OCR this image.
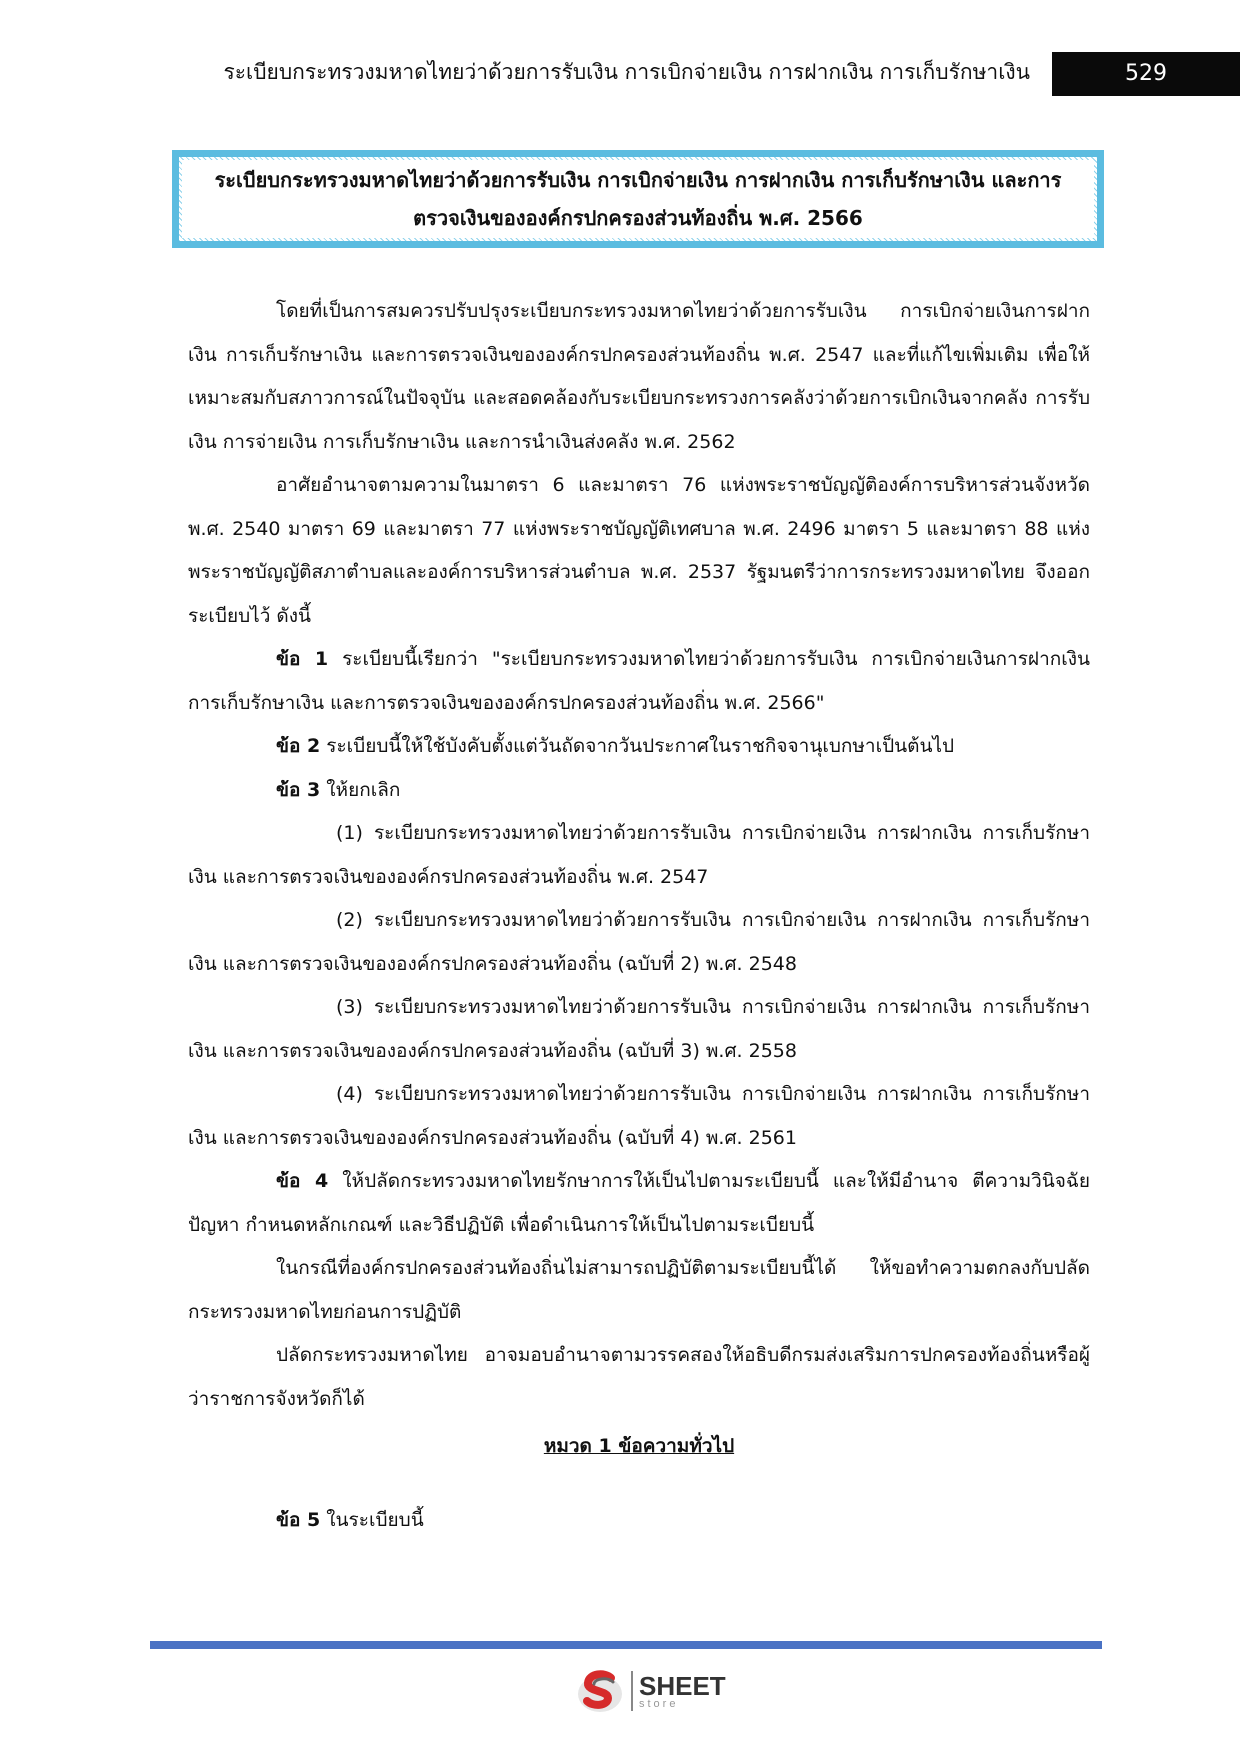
ระเบียบกระทรวงมหาดไทยว่าด้วยการรับเงิน การเบิกจ่ายเงิน การฝากเงิน การเก็บรักษาเงิน	529
ระเบียบกระทรวงมหาดไทยว่าด้วยการรับเงิน การเบิกจ่ายเงิน การฝากเงิน การเก็บรักษาเงิน และการ
ตรวจเงินขององค์กรปกครองส่วนท้องถิ่น พ.ศ. 2566

โดยที่เป็นการสมควรปรับปรุงระเบียบกระทรวงมหาดไทยว่าด้วยการรับเงิน การเบิกจ่ายเงินการฝากเงิน การเก็บรักษาเงิน และการตรวจเงินขององค์กรปกครองส่วนท้องถิ่น พ.ศ. 2547 และที่แก้ไขเพิ่มเติม เพื่อให้เหมาะสมกับสภาวการณ์ในปัจจุบัน และสอดคล้องกับระเบียบกระทรวงการคลังว่าด้วยการเบิกเงินจากคลัง การรับเงิน การจ่ายเงิน การเก็บรักษาเงิน และการนำเงินส่งคลัง พ.ศ. 2562

อาศัยอำนาจตามความในมาตรา 6 และมาตรา 76 แห่งพระราชบัญญัติองค์การบริหารส่วนจังหวัด พ.ศ. 2540 มาตรา 69 และมาตรา 77 แห่งพระราชบัญญัติเทศบาล พ.ศ. 2496 มาตรา 5 และมาตรา 88 แห่งพระราชบัญญัติสภาตำบลและองค์การบริหารส่วนตำบล พ.ศ. 2537 รัฐมนตรีว่าการกระทรวงมหาดไทย จึงออกระเบียบไว้ ดังนี้

ข้อ 1 ระเบียบนี้เรียกว่า "ระเบียบกระทรวงมหาดไทยว่าด้วยการรับเงิน การเบิกจ่ายเงินการฝากเงิน การเก็บรักษาเงิน และการตรวจเงินขององค์กรปกครองส่วนท้องถิ่น พ.ศ. 2566"

ข้อ 2 ระเบียบนี้ให้ใช้บังคับตั้งแต่วันถัดจากวันประกาศในราชกิจจานุเบกษาเป็นต้นไป

ข้อ 3 ให้ยกเลิก

(1) ระเบียบกระทรวงมหาดไทยว่าด้วยการรับเงิน การเบิกจ่ายเงิน การฝากเงิน การเก็บรักษาเงิน และการตรวจเงินขององค์กรปกครองส่วนท้องถิ่น พ.ศ. 2547

(2) ระเบียบกระทรวงมหาดไทยว่าด้วยการรับเงิน การเบิกจ่ายเงิน การฝากเงิน การเก็บรักษาเงิน และการตรวจเงินขององค์กรปกครองส่วนท้องถิ่น (ฉบับที่ 2) พ.ศ. 2548

(3) ระเบียบกระทรวงมหาดไทยว่าด้วยการรับเงิน การเบิกจ่ายเงิน การฝากเงิน การเก็บรักษาเงิน และการตรวจเงินขององค์กรปกครองส่วนท้องถิ่น (ฉบับที่ 3) พ.ศ. 2558

(4) ระเบียบกระทรวงมหาดไทยว่าด้วยการรับเงิน การเบิกจ่ายเงิน การฝากเงิน การเก็บรักษาเงิน และการตรวจเงินขององค์กรปกครองส่วนท้องถิ่น (ฉบับที่ 4) พ.ศ. 2561

ข้อ 4 ให้ปลัดกระทรวงมหาดไทยรักษาการให้เป็นไปตามระเบียบนี้ และให้มีอำนาจ ตีความวินิจฉัยปัญหา กำหนดหลักเกณฑ์ และวิธีปฏิบัติ เพื่อดำเนินการให้เป็นไปตามระเบียบนี้

ในกรณีที่องค์กรปกครองส่วนท้องถิ่นไม่สามารถปฏิบัติตามระเบียบนี้ได้ ให้ขอทำความตกลงกับปลัดกระทรวงมหาดไทยก่อนการปฏิบัติ

ปลัดกระทรวงมหาดไทย อาจมอบอำนาจตามวรรคสองให้อธิบดีกรมส่งเสริมการปกครองท้องถิ่นหรือผู้ว่าราชการจังหวัดก็ได้

หมวด 1 ข้อความทั่วไป

ข้อ 5 ในระเบียบนี้

SHEET
store
